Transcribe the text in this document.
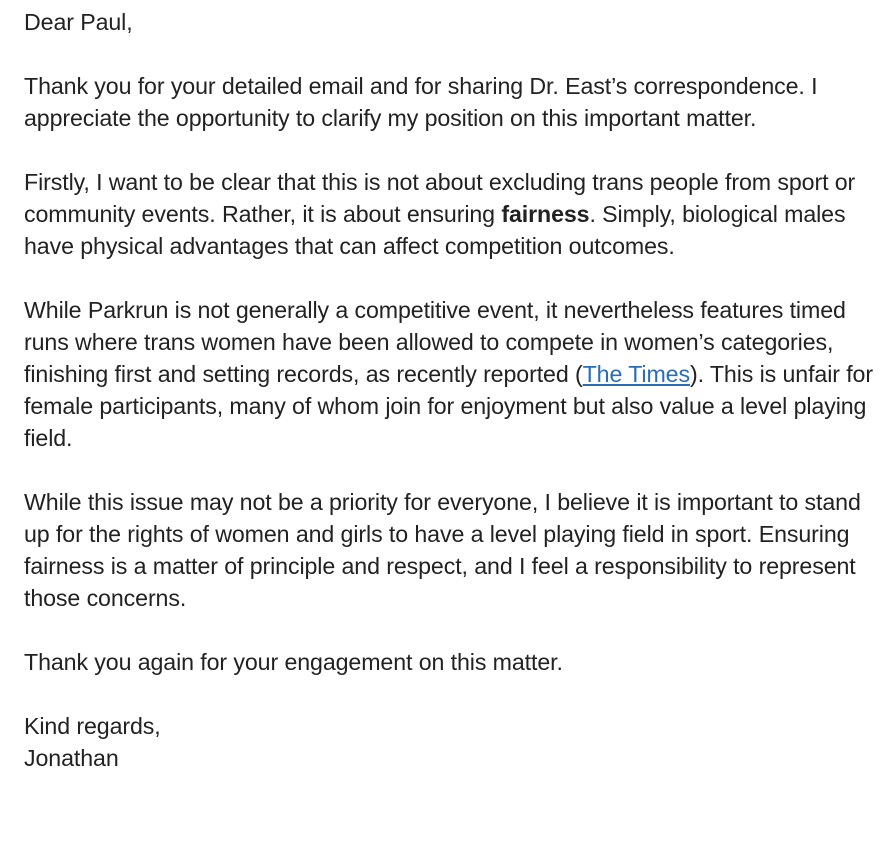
Dear Paul,

Thank you for your detailed email and for sharing Dr. East’s correspondence. I appreciate the opportunity to clarify my position on this important matter.

Firstly, I want to be clear that this is not about excluding trans people from sport or community events. Rather, it is about ensuring fairness. Simply, biological males have physical advantages that can affect competition outcomes.

While Parkrun is not generally a competitive event, it nevertheless features timed runs where trans women have been allowed to compete in women’s categories, finishing first and setting records, as recently reported (The Times). This is unfair for female participants, many of whom join for enjoyment but also value a level playing field.

While this issue may not be a priority for everyone, I believe it is important to stand up for the rights of women and girls to have a level playing field in sport. Ensuring fairness is a matter of principle and respect, and I feel a responsibility to represent those concerns.

Thank you again for your engagement on this matter.

Kind regards,

Jonathan
